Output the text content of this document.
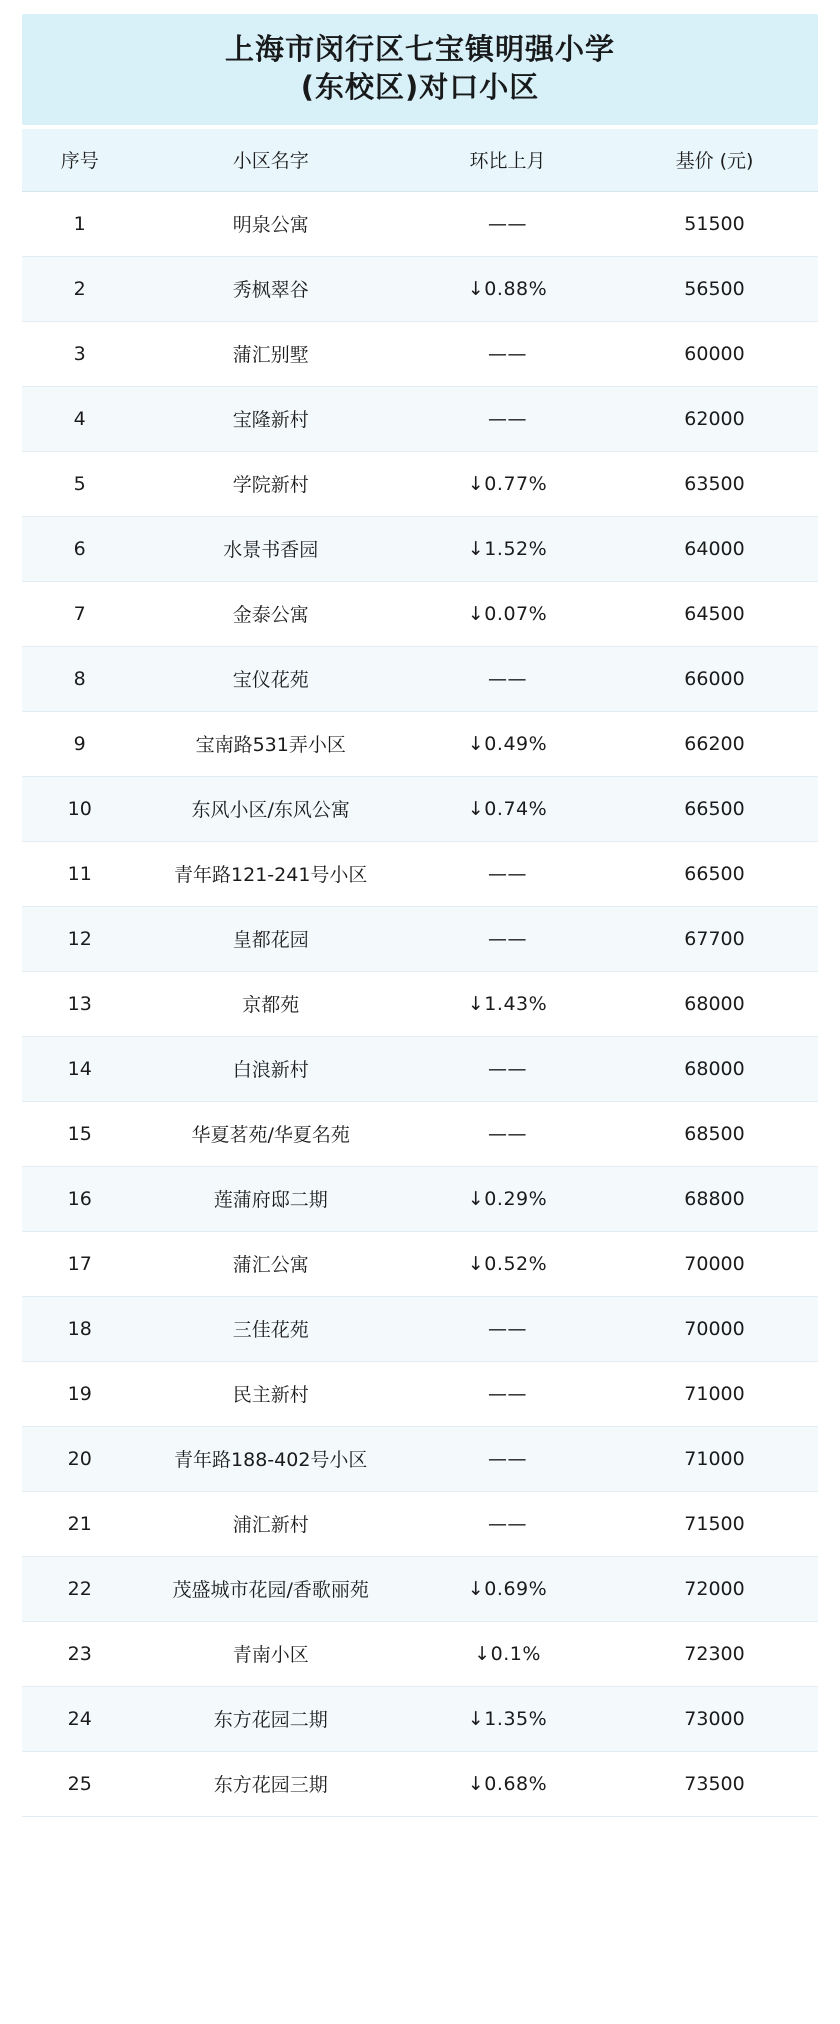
上海市闵行区七宝镇明强小学
(东校区)对口小区
序号	小区名字	环比上月	基价 (元)
1	明泉公寓	——	51500
2	秀枫翠谷	↓0.88%	56500
3	蒲汇别墅	——	60000
4	宝隆新村	——	62000
5	学院新村	↓0.77%	63500
6	水景书香园	↓1.52%	64000
7	金泰公寓	↓0.07%	64500
8	宝仪花苑	——	66000
9	宝南路531弄小区	↓0.49%	66200
10	东风小区/东风公寓	↓0.74%	66500
11	青年路121-241号小区	——	66500
12	皇都花园	——	67700
13	京都苑	↓1.43%	68000
14	白浪新村	——	68000
15	华夏茗苑/华夏名苑	——	68500
16	莲蒲府邸二期	↓0.29%	68800
17	蒲汇公寓	↓0.52%	70000
18	三佳花苑	——	70000
19	民主新村	——	71000
20	青年路188-402号小区	——	71000
21	浦汇新村	——	71500
22	茂盛城市花园/香歌丽苑	↓0.69%	72000
23	青南小区	↓0.1%	72300
24	东方花园二期	↓1.35%	73000
25	东方花园三期	↓0.68%	73500
